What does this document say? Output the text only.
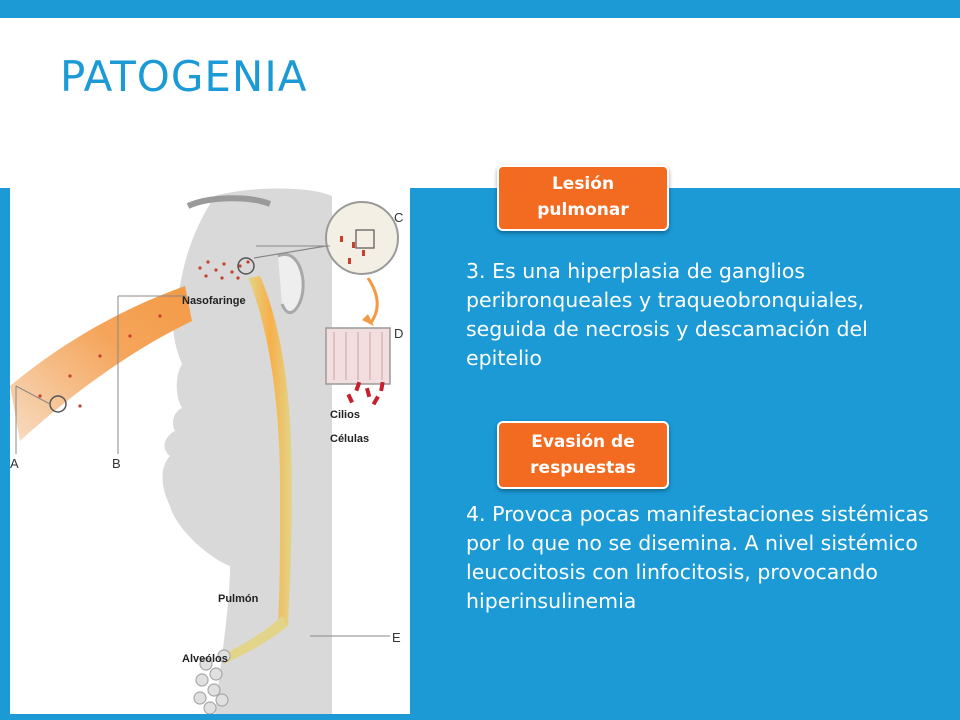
PATOGENIA
Nasofaringe
Cilios
Células
Pulmón
Alveólos
A	B
C
D
E
Lesión
pulmonar
3. Es una hiperplasia de ganglios peribronqueales y traqueobronquiales, seguida de necrosis y descamación del epitelio
Evasión de
respuestas
4. Provoca pocas manifestaciones sistémicas por lo que no se disemina. A nivel sistémico leucocitosis con linfocitosis, provocando hiperinsulinemia
